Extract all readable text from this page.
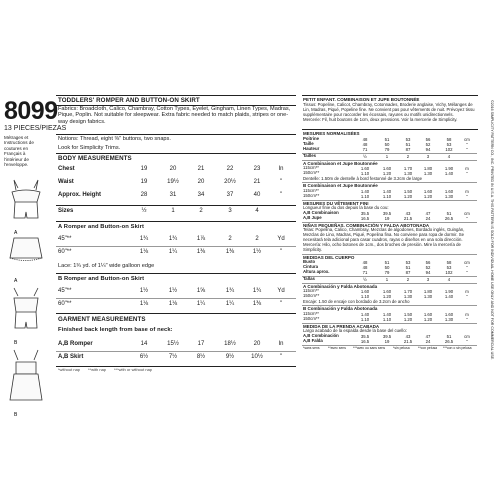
8099
13 PIECES/PIEZAS
Métrages et Instructions de coutures en Français à l'intérieur de l'enveloppe.
A
A
B
B
TODDLERS' ROMPER AND BUTTON-ON SKIRT
Fabrics: Broadcloth, Calico, Chambray, Cotton Types, Eyelet, Gingham, Linen Types, Madras, Pique, Poplin. Not suitable for sleepwear. Extra fabric needed to match plaids, stripes or one-way design fabrics.
Notions: Thread, eight ⅜" buttons, two snaps.
Look for Simplicity Trims.
BODY MEASUREMENTS
Chest	19	20	21	22	23	In
Waist	19	19½	20	20½	21	"
Approx. Height	28	31	34	37	40	"
Sizes	½	1	2	3	4
A Romper and Button-on Skirt
45"**	1¾	1¾	1⅞	2	2	Yd
60"**	1⅛	1¼	1⅜	1⅜	1½	"
Lace: 1¾ yd. of 1¼" wide galloon edge
B Romper and Button-on Skirt
45"**	1½	1½	1⅝	1¾	1¾	Yd
60"**	1⅛	1⅛	1¼	1¼	1⅜	"
GARMENT MEASUREMENTS
Finished back length from base of neck:
A,B Romper	14	15½	17	18½	20	In
A,B Skirt	6½	7½	8½	9½	10½	"
*without nap **with nap ***with or without nap
PETIT ENFANT. COMBINAISON ET JUPE BOUTONNÉE
Tissus: Popeline, Calicot, Chambray, Cotonnades, Broderie anglaise, Vichy, Mélanges de Lin, Madras, Piqué, Popeline fine. Ne convient pas pour vêtements de nuit. Prévoyez tissu supplémentaire pour raccorder les écossais, rayures ou motifs unidirectionnels.
Mercerie: Fil, huit boutons de 1cm, deux pressions. Voir la mercerie de Simplicity.
MESURES NORMALISÉES
Poitrine	48	51	53	56	58	cm
Taille	48	50	51	52	53	"
Hauteur	71	79	87	94	102	"
Tailles	½	1	2	3	4
A Combinaison et Jupe Boutonnée
115cm**	1.60	1.60	1.70	1.80	1.90	m
150cm**	1.10	1.20	1.30	1.30	1.40	"
Dentelle: 1.50m de dentelle à bord festonné de 3.2cm de large
B Combinaison et Jupe Boutonnée
115cm**	1.40	1.40	1.50	1.60	1.60	m
150cm**	1.10	1.10	1.20	1.20	1.30	"
MESURES DU VÊTEMENT FINI
Longueur finie du dos depuis la base du cou:
A,B Combinaison	35.5	39.5	43	47	51	cm
A,B Jupe	16.5	19	21.5	24	26.5	"
NIÑAS PEQUEÑAS. COMBINACIÓN Y FALDA ABOTONADA
Telas: Popelina, Calico, Chambray, Mezclas de algodones, Bordado inglés, Guingán, Mezclas de Lino, Madras, Piqué, Popelina fina. No conviene para ropa de dormir. Se necesitará tela adicional para casar cuadros, rayas o diseños en una sola dirección.
Mercería: Hilo, ocho botones de 1cm., dos broches de presión. Mire la mercería de Simplicity.
MEDIDAS DEL CUERPO
Busto	48	51	53	56	58	cm
Cintura	48	50	51	52	53	"
Altura aprox.	71	79	87	94	102	"
Tallas	½	1	2	3	4
A Combinación y Falda Abotonada
115cm**	1.60	1.60	1.70	1.80	1.90	m
150cm**	1.10	1.20	1.30	1.30	1.40	"
Encaje: 1.50 de encaje con bordado de 3.2cm de ancho
B Combinación y Falda Abotonada
115cm**	1.40	1.40	1.50	1.60	1.60	m
150cm**	1.10	1.10	1.20	1.20	1.30	"
MEDIDA DE LA PRENDA ACABADA
Largo acabado de la espalda desde la base del cuello:
A,B Combinación	35.5	39.5	43	47	51	cm
A,B Falda	16.5	19	21.5	24	26.5	"
*sans sens **avec sens ***avec ou sans sens *sin pelusa **con pelusa ***con o sin pelusa	©2016 SIMPLICITY PATTERN CO., INC. PRINTED IN U.S.A. THIS PATTERN IS SOLD FOR INDIVIDUAL HOME USE ONLY AND NOT FOR COMMERCIAL USE.
